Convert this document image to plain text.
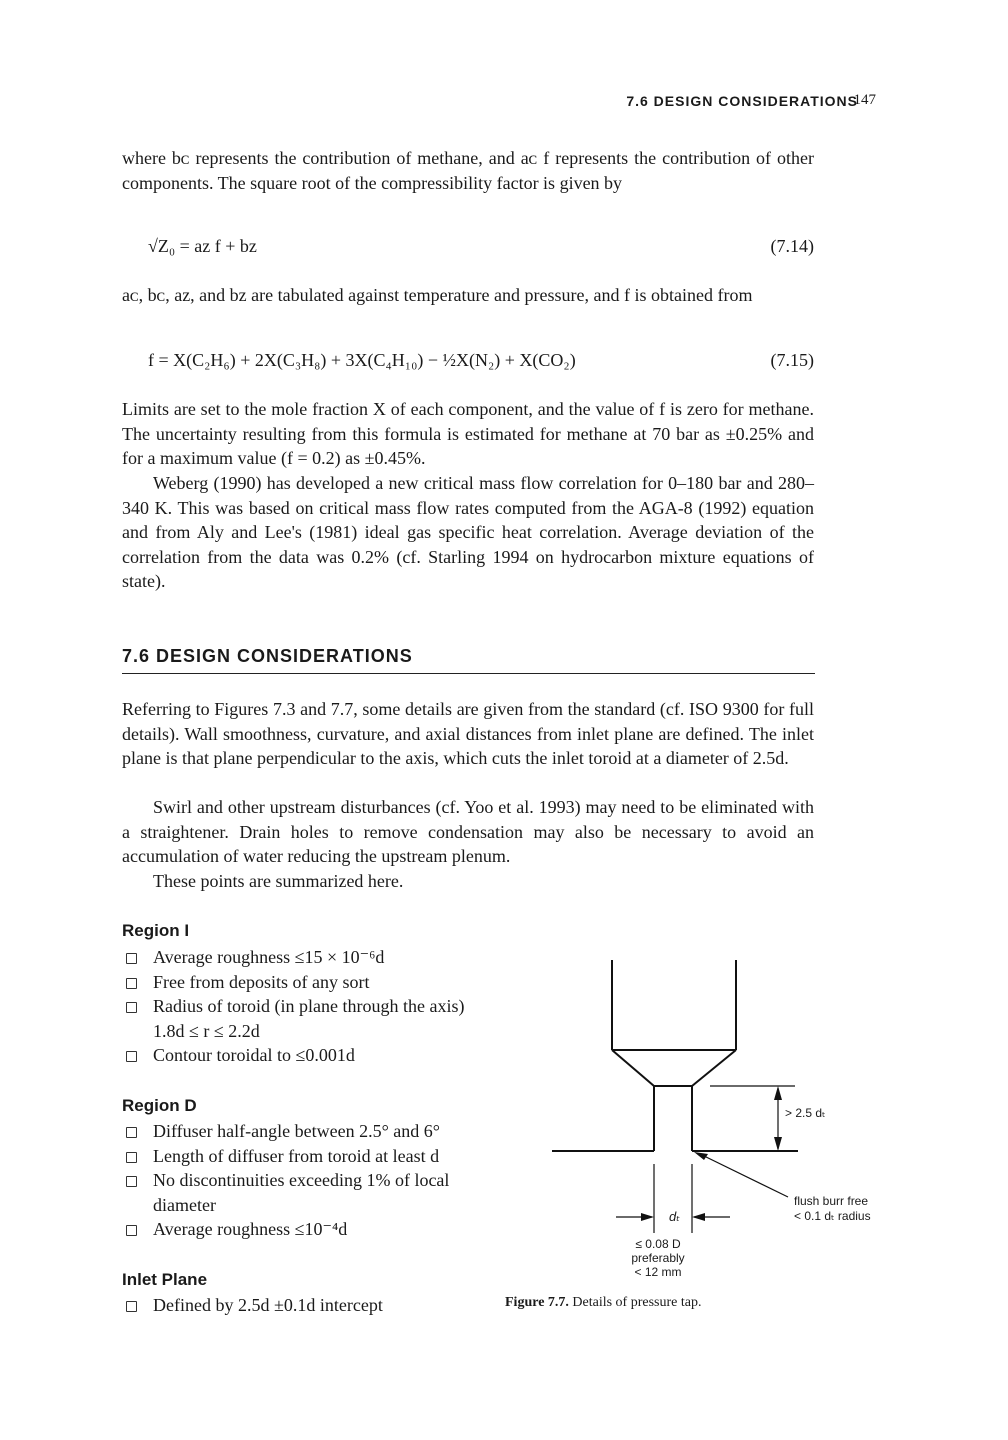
7.6 DESIGN CONSIDERATIONS
147

where bᴄ represents the contribution of methane, and aᴄ f represents the contribution of other components. The square root of the compressibility factor is given by

√Z₀ = aᴢ f + bᴢ	(7.14)

aᴄ, bᴄ, aᴢ, and bᴢ are tabulated against temperature and pressure, and f is obtained from

f = X(C₂H₆) + 2X(C₃H₈) + 3X(C₄H₁₀) − ½X(N₂) + X(CO₂)	(7.15)

Limits are set to the mole fraction X of each component, and the value of f is zero for methane. The uncertainty resulting from this formula is estimated for methane at 70 bar as ±0.25% and for a maximum value (f = 0.2) as ±0.45%.

Weberg (1990) has developed a new critical mass flow correlation for 0–180 bar and 280–340 K. This was based on critical mass flow rates computed from the AGA-8 (1992) equation and from Aly and Lee's (1981) ideal gas specific heat correlation. Average deviation of the correlation from the data was 0.2% (cf. Starling 1994 on hydrocarbon mixture equations of state).

7.6 DESIGN CONSIDERATIONS

Referring to Figures 7.3 and 7.7, some details are given from the standard (cf. ISO 9300 for full details). Wall smoothness, curvature, and axial distances from inlet plane are defined. The inlet plane is that plane perpendicular to the axis, which cuts the inlet toroid at a diameter of 2.5d.

Swirl and other upstream disturbances (cf. Yoo et al. 1993) may need to be eliminated with a straightener. Drain holes to remove condensation may also be necessary to avoid an accumulation of water reducing the upstream plenum.

These points are summarized here.

Region I
Average roughness ≤15 × 10⁻⁶d
Free from deposits of any sort
Radius of toroid (in plane through the axis) 1.8d ≤ r ≤ 2.2d
Contour toroidal to ≤0.001d
Region D
Diffuser half-angle between 2.5° and 6°
Length of diffuser from toroid at least d
No discontinuities exceeding 1% of local diameter
Average roughness ≤10⁻⁴d
Inlet Plane
Defined by 2.5d ±0.1d intercept
> 2.5 dₜ
flush burr free
< 0.1 dₜ radius
dₜ
≤ 0.08 D
preferably
< 12 mm
Figure 7.7. Details of pressure tap.
